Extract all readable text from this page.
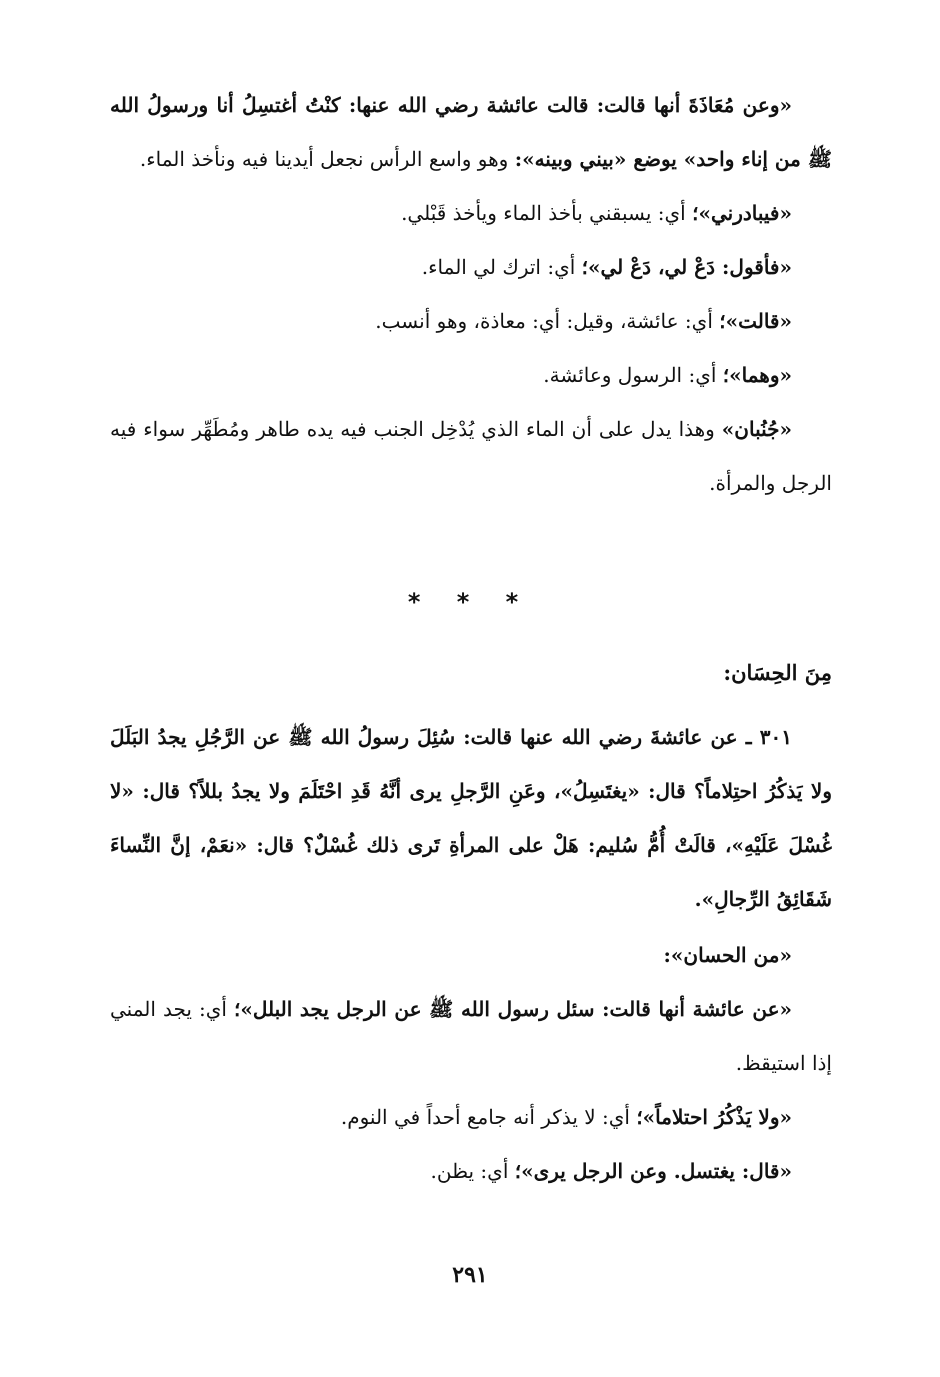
«وعن مُعَاذَةَ أنها قالت: قالت عائشة رضي الله عنها: كنْتُ أغتسِلُ أنا ورسولُ الله ﷺ من إناء واحد» يوضع «بيني وبينه»: وهو واسع الرأس نجعل أيدينا فيه ونأخذ الماء.

«فيبادرني»؛ أي: يسبقني بأخذ الماء ويأخذ قَبْلي.

«فأقول: دَعْ لي، دَعْ لي»؛ أي: اترك لي الماء.

«قالت»؛ أي: عائشة، وقيل: أي: معاذة، وهو أنسب.

«وهما»؛ أي: الرسول وعائشة.

«جُنُبان» وهذا يدل على أن الماء الذي يُدْخِل الجنب فيه يده طاهر ومُطَهِّر سواء فيه الرجل والمرأة.

* * *
مِنَ الحِسَان:

٣٠١ ـ عن عائشةَ رضي الله عنها قالت: سُئِلَ رسولُ الله ﷺ عن الرَّجُلِ يجدُ البَلَلَ ولا يَذكُرُ احتِلاماً؟ قال: «يغتَسِلُ»، وعَنِ الرَّجلِ يرى أنَّهُ قَدِ احْتَلَمَ ولا يجدُ بللاً؟ قال: «لا غُسْلَ عَلَيْهِ»، قالَتْ أُمُّ سُليم: هَلْ على المرأةِ تَرى ذلك غُسْلٌ؟ قال: «نعَمْ، إنَّ النِّساءَ شَقَائِقُ الرِّجالِ».

«من الحسان»:

«عن عائشة أنها قالت: سئل رسول الله ﷺ عن الرجل يجد البلل»؛ أي: يجد المني إذا استيقظ.

«ولا يَذْكُرُ احتلاماً»؛ أي: لا يذكر أنه جامع أحداً في النوم.

«قال: يغتسل. وعن الرجل يرى»؛ أي: يظن.

٢٩١
